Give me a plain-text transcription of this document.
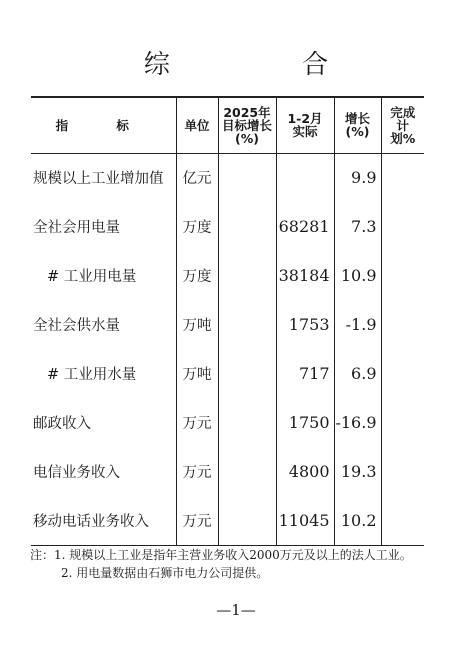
综 合
指 标	单位	2025年目标增长(%)	1-2月实际	增长(%)	完成计划%

规模以上工业增加值	亿元			9.9	
全社会用电量	万度		68281	7.3	
# 工业用电量	万度		38184	10.9	
全社会供水量	万吨		1753	-1.9	
# 工业用水量	万吨		717	6.9	
邮政收入	万元		1750	-16.9	
电信业务收入	万元		4800	19.3	
移动电话业务收入	万元		11045	10.2	
注：1. 规模以上工业是指年主营业务收入2000万元及以上的法人工业。
2. 用电量数据由石狮市电力公司提供。
—1—
